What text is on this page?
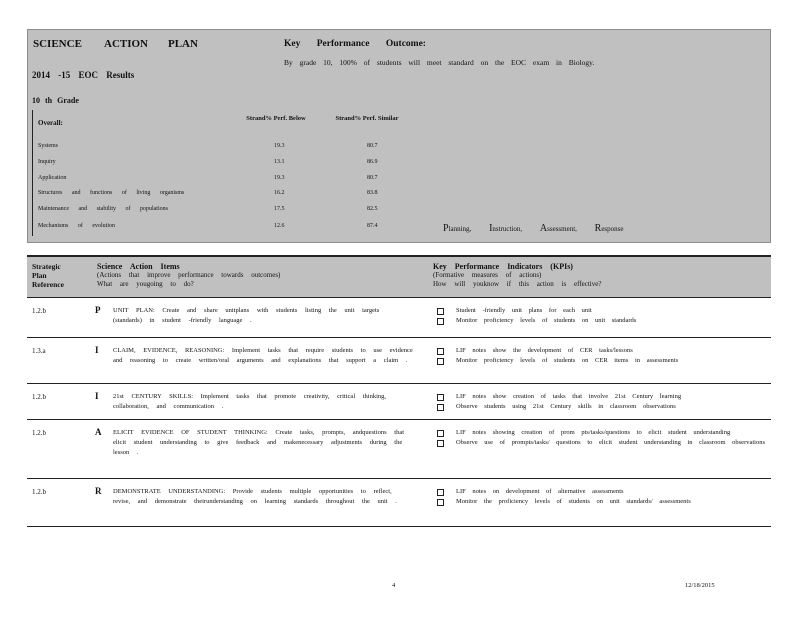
SCIENCE ACTION PLAN	Key Performance Outcome:
By grade 10, 100% of students will meet standard on the EOC exam in Biology.
2014 -15 EOC Results
10 th Grade
Overall:
Strand% Perf. Below	Strand% Perf. Similar
Systems	19.3	80.7
Inquiry	13.1	86.9
Application	19.3	80.7
Structures and functions of living organisms	16.2	83.8
Maintenance and stability of populations	17.5	82.5
Mechanisms of evolution	12.6	87.4	Planning, Instruction, Assessment, Response
Strategic
Plan
Reference
Science Action Items
(Actions that improve performance towards outcomes)
What are yougoing to do?
Key Performance Indicators (KPIs)
(Formative measures of actions)
How will youknow if this action is effective?
1.2.b	P UNIT PLAN: Create and share unitplans with students listing the unit targets (standards) in student -friendly language .
Student -friendly unit plans for each unit
Monitor proficiency levels of students on unit standards
1.3.a	I CLAIM, EVIDENCE, REASONING: Implement tasks that require students to use evidence and reasoning to create written/oral arguments and explanations that support a claim .
LIF notes show the development of CER tasks/lessons
Monitor proficiency levels of students on CER items in assessments
1.2.b	I 21st CENTURY SKILLS: Implement tasks that promote creativity, critical thinking, collaboration, and communication .
LIF notes show creation of tasks that involve 21st Century learning
Observe students using 21st Century skills in classroom observations
1.2.b	A ELICIT EVIDENCE OF STUDENT THINKING: Create tasks, prompts, andquestions that elicit student understanding to give feedback and makenecessary adjustments during the lesson .
LIF notes showing creation of prom pts/tasks/questions to elicit student understanding
Observe use of prompts/tasks/ questions to elicit student understanding in classroom observations
1.2.b	R DEMONSTRATE UNDERSTANDING: Provide students multiple opportunities to reflect, revise, and demonstrate theirunderstanding on learning standards throughout the unit .
LIF notes on development of alternative assessments
Monitor the proficiency levels of students on unit standards/ assessments
4	12/18/2015
